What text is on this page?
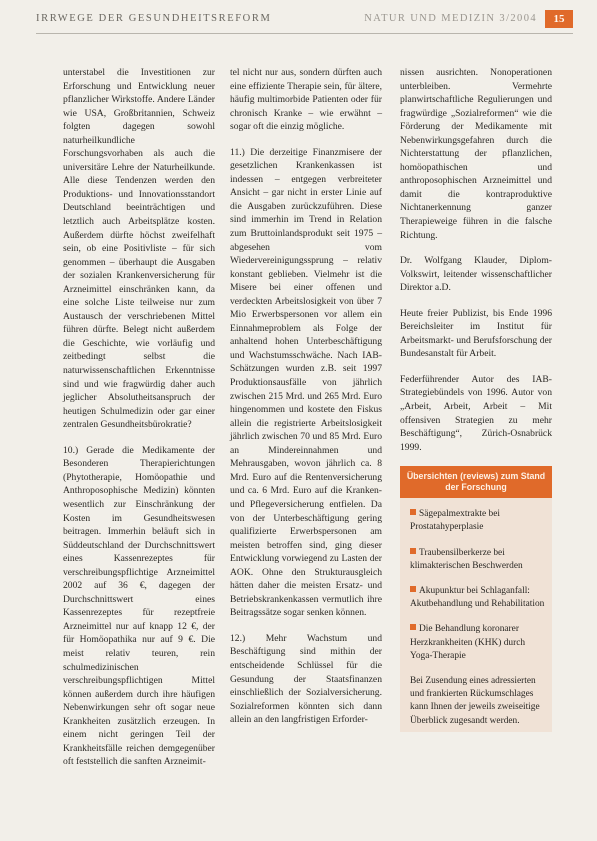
IRRWEGE DER GESUNDHEITSREFORM	NATUR UND MEDIZIN 3/2004	15

unterstabel die Investitionen zur Erforschung und Entwicklung neuer pflanzlicher Wirkstoffe. Andere Länder wie USA, Großbritannien, Schweiz folgten dagegen sowohl naturheilkundliche Forschungsvorhaben als auch die universitäre Lehre der Naturheilkunde. Alle diese Tendenzen werden den Produktions- und Innovationsstandort Deutschland beeinträchtigen und letztlich auch Arbeitsplätze kosten. Außerdem dürfte höchst zweifelhaft sein, ob eine Positivliste – für sich genommen – überhaupt die Ausgaben der sozialen Krankenversicherung für Arzneimittel einschränken kann, da eine solche Liste teilweise nur zum Austausch der verschriebenen Mittel führen dürfte. Belegt nicht außerdem die Geschichte, wie vorläufig und zeitbedingt selbst die naturwissenschaftlichen Erkenntnisse sind und wie fragwürdig daher auch jeglicher Absolutheitsanspruch der heutigen Schulmedizin oder gar einer zentralen Gesundheitsbürokratie?

10.) Gerade die Medikamente der Besonderen Therapierichtungen (Phytotherapie, Homöopathie und Anthroposophische Medizin) könnten wesentlich zur Einschränkung der Kosten im Gesundheitswesen beitragen. Immerhin beläuft sich in Süddeutschland der Durchschnittswert eines Kassenrezeptes für verschreibungspflichtige Arzneimittel 2002 auf 36 €, dagegen der Durchschnittswert eines Kassenrezeptes für rezeptfreie Arzneimittel nur auf knapp 12 €, der für Homöopathika nur auf 9 €. Die meist relativ teuren, rein schulmedizinischen verschreibungspflichtigen Mittel können außerdem durch ihre häufigen Nebenwirkungen sehr oft sogar neue Krankheiten zusätzlich erzeugen. In einem nicht geringen Teil der Krankheitsfälle reichen demgegenüber oft feststellich die sanften Arzneimit-

tel nicht nur aus, sondern dürften auch eine effiziente Therapie sein, für ältere, häufig multimorbide Patienten oder für chronisch Kranke – wie erwähnt – sogar oft die einzig mögliche.

11.) Die derzeitige Finanzmisere der gesetzlichen Krankenkassen ist indessen – entgegen verbreiteter Ansicht – gar nicht in erster Linie auf die Ausgaben zurückzuführen. Diese sind immerhin im Trend in Relation zum Bruttoinlandsprodukt seit 1975 – abgesehen vom Wiedervereinigungssprung – relativ konstant geblieben. Vielmehr ist die Misere bei einer offenen und verdeckten Arbeitslosigkeit von über 7 Mio Erwerbspersonen vor allem ein Einnahmeproblem als Folge der anhaltend hohen Unterbeschäftigung und Wachstumsschwäche. Nach IAB-Schätzungen wurden z.B. seit 1997 Produktionsausfälle von jährlich zwischen 215 Mrd. und 265 Mrd. Euro hingenommen und kostete den Fiskus allein die registrierte Arbeitslosigkeit jährlich zwischen 70 und 85 Mrd. Euro an Mindereinnahmen und Mehrausgaben, wovon jährlich ca. 8 Mrd. Euro auf die Rentenversicherung und ca. 6 Mrd. Euro auf die Kranken- und Pflegeversicherung entfielen. Da von der Unterbeschäftigung gering qualifizierte Erwerbspersonen am meisten betroffen sind, ging dieser Entwicklung vorwiegend zu Lasten der AOK. Ohne den Strukturausgleich hätten daher die meisten Ersatz- und Betriebskrankenkassen vermutlich ihre Beitragssätze sogar senken können.

12.) Mehr Wachstum und Beschäftigung sind mithin der entscheidende Schlüssel für die Gesundung der Staatsfinanzen einschließlich der Sozialversicherung. Sozialreformen könnten sich dann allein an den langfristigen Erforder-

nissen ausrichten. Nonoperationen unterbleiben. Vermehrte planwirtschaftliche Regulierungen und fragwürdige „Sozialreformen“ wie die Förderung der Medikamente mit Nebenwirkungsgefahren durch die Nichterstattung der pflanzlichen, homöopathischen und anthroposophischen Arzneimittel und damit die kontraproduktive Nichtanerkennung ganzer Therapieweige führen in die falsche Richtung.

Dr. Wolfgang Klauder, Diplom-Volkswirt, leitender wissenschaftlicher Direktor a.D.

Heute freier Publizist, bis Ende 1996 Bereichsleiter im Institut für Arbeitsmarkt- und Berufsforschung der Bundesanstalt für Arbeit.

Federführender Autor des IAB-Strategiebündels von 1996. Autor von „Arbeit, Arbeit, Arbeit – Mit offensiven Strategien zu mehr Beschäftigung“, Zürich-Osnabrück 1999.

Übersichten (reviews) zum Stand der Forschung
Sägepalmextrakte bei Prostatahyperplasie
Traubensilberkerze bei klimakterischen Beschwerden
Akupunktur bei Schlaganfall: Akutbehandlung und Rehabilitation
Die Behandlung koronarer Herzkrankheiten (KHK) durch Yoga-Therapie
Bei Zusendung eines adressierten und frankierten Rückumschlages kann Ihnen der jeweils zweiseitige Überblick zugesandt werden.
